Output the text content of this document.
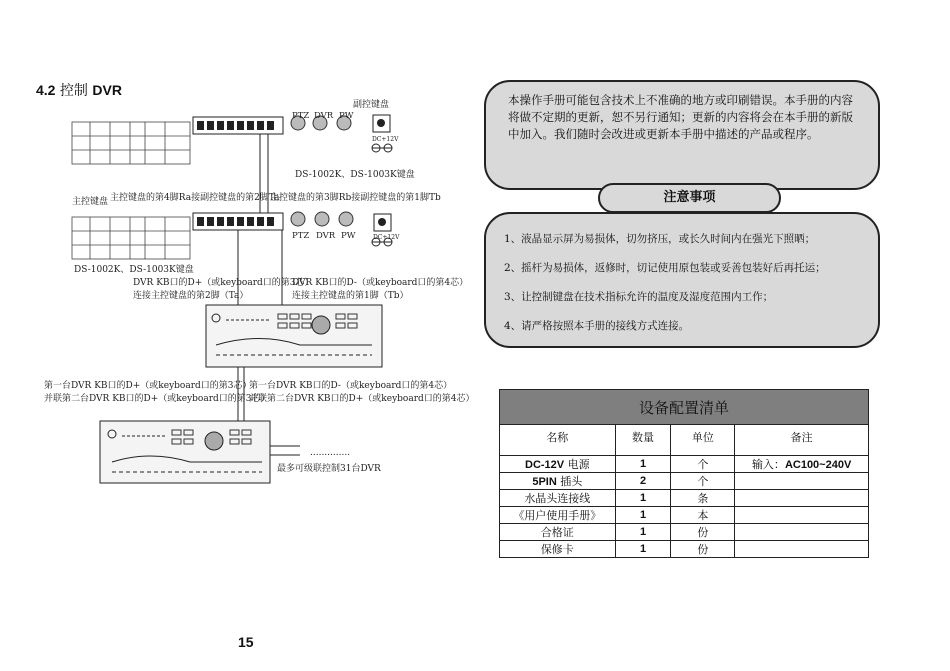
4.2 控制 DVR
副控键盘
PTZ DVR PW
DC+12V
DS-1002K、DS-1003K键盘
主控键盘 主控键盘的第4脚Ra接副控键盘的第2脚Ta
主控键盘的第3脚Rb接副控键盘的第1脚Tb
PTZ DVR PW	DC+12V
DS-1002K、DS-1003K键盘
DVR KB口的D+（或keyboard口的第3芯）
连接主控键盘的第2脚（Ta）
DVR KB口的D-（或keyboard口的第4芯）
连接主控键盘的第1脚（Tb）
第一台DVR KB口的D+（或keyboard口的第3芯）
并联第二台DVR KB口的D+（或keyboard口的第3芯）
第一台DVR KB口的D-（或keyboard口的第4芯）
并联第二台DVR KB口的D+（或keyboard口的第4芯）
..............
最多可级联控制31台DVR
15
本操作手册可能包含技术上不准确的地方或印刷错误。本手册的内容将做不定期的更新，恕不另行通知；更新的内容将会在本手册的新版中加入。我们随时会改进或更新本手册中描述的产品或程序。
1、液晶显示屏为易损体，切勿挤压，或长久时间内在强光下照晒；
2、摇杆为易损体，返修时，切记使用原包装或妥善包装好后再托运；
3、让控制键盘在技术指标允许的温度及湿度范围内工作；
4、请严格按照本手册的接线方式连接。
注意事项
设备配置清单			
名称	数量	单位	备注
DC-12V 电源	1	个	输入：AC100~240V
5PIN 插头	2	个	
水晶头连接线	1	条	
《用户使用手册》	1	本	
合格证	1	份	
保修卡	1	份	
